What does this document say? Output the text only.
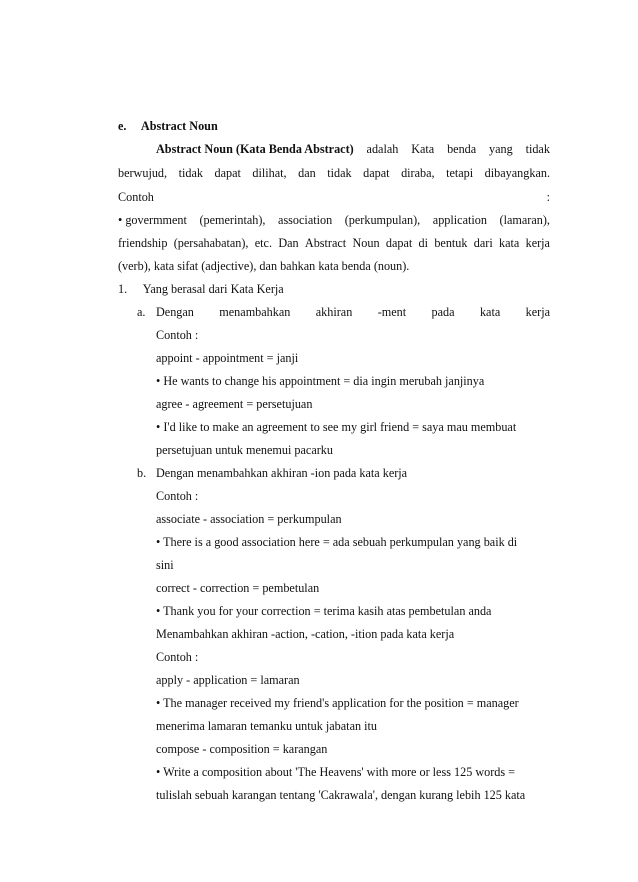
e. Abstract Noun
Abstract Noun (Kata Benda Abstract) adalah Kata benda yang tidak
berwujud, tidak dapat dilihat, dan tidak dapat diraba, tetapi dibayangkan.
Contoh	:
• govermment (pemerintah), association (perkumpulan), application (lamaran),
friendship (persahabatan), etc. Dan Abstract Noun dapat di bentuk dari kata kerja
(verb), kata sifat (adjective), dan bahkan kata benda (noun).
1. Yang berasal dari Kata Kerja
a. Dengan menambahkan akhiran -ment pada kata kerja
Contoh :
appoint - appointment = janji
• He wants to change his appointment = dia ingin merubah janjinya
agree - agreement = persetujuan
• I'd like to make an agreement to see my girl friend = saya mau membuat
persetujuan untuk menemui pacarku
b. Dengan menambahkan akhiran -ion pada kata kerja
Contoh :
associate - association = perkumpulan
• There is a good association here = ada sebuah perkumpulan yang baik di
sini
correct - correction = pembetulan
• Thank you for your correction = terima kasih atas pembetulan anda
Menambahkan akhiran -action, -cation, -ition pada kata kerja
Contoh :
apply - application = lamaran
• The manager received my friend's application for the position = manager
menerima lamaran temanku untuk jabatan itu
compose - composition = karangan
• Write a composition about 'The Heavens' with more or less 125 words =
tulislah sebuah karangan tentang 'Cakrawala', dengan kurang lebih 125 kata
